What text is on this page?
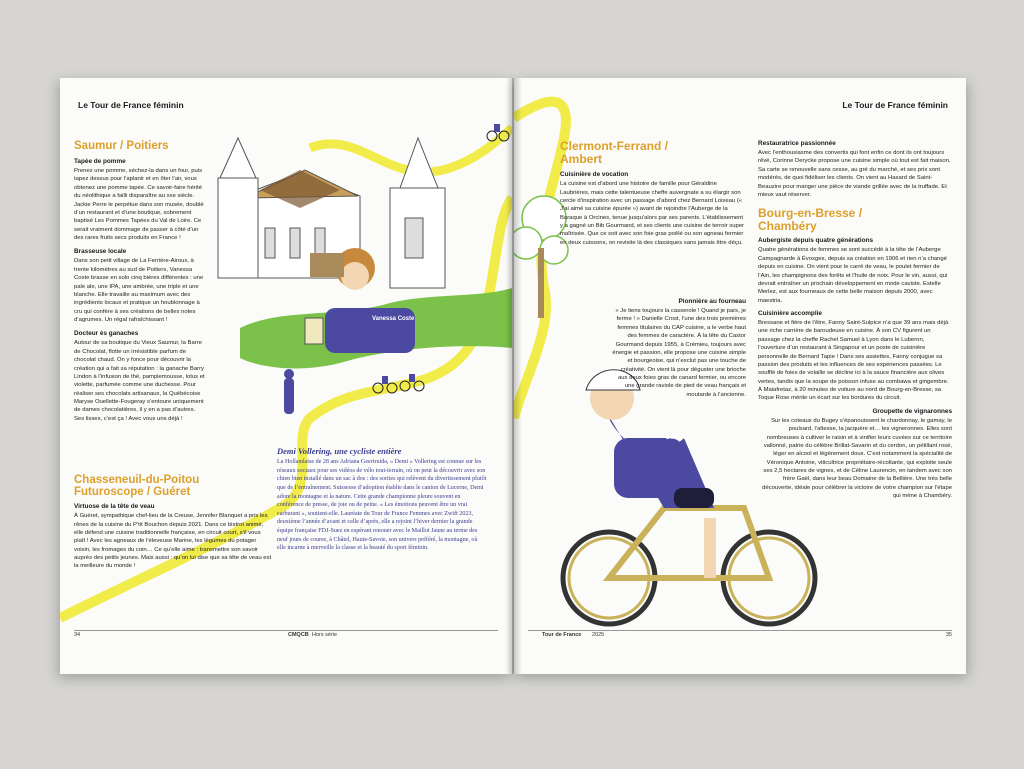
Le Tour de France féminin
Saumur / Poitiers

Tapée de pomme

Prenez une pomme, séchez-la dans un four, puis tapez dessus pour l’aplanir et en ôter l’air, vous obtenez une pomme tapée. Ce savoir-faire hérité du néolithique a failli disparaître au xxe siècle. Jackie Perre le perpétue dans son musée, doublé d’un restaurant et d’une boutique, sobrement baptisé Les Pommes Tapées du Val de Loire. Ce serait vraiment dommage de passer à côté d’un des rares fruits secs produits en France !

Brasseuse locale

Dans son petit village de La Ferrière-Airoux, à trente kilomètres au sud de Poitiers, Vanessa Coste brasse en solo cinq bières différentes : une pale ale, une IPA, une ambrée, une triple et une blanche. Elle travaille au maximum avec des ingrédients locaux et pratique un houblonnage à cru qui confère à ses créations de belles notes d’agrumes. Un régal rafraîchissant !

Docteur ès ganaches

Autour de sa boutique du Vieux Saumur, la Barre de Chocolat, flotte un irrésistible parfum de chocolat chaud. On y fonce pour découvrir la création qui a fait sa réputation : la ganache Barry Lindon à l’infusion de thé, pamplemousse, lotus et violette, parfumée comme une duchesse. Pour réaliser ses chocolats artisanaux, la Québécoise Maryse Ouellette-Fougeray s’entoure uniquement de dames chocolatières, il y en a pas d’autres. Ses lisses, c’est ça ! Avec vous uns déjà !

Chasseneuil-du-Poitou
Futuroscope / Guéret

Virtuose de la tête de veau

À Guéret, sympathique chef-lieu de la Creuse, Jennifer Blanquet a pris les rênes de la cuisine du P’tit Bouchon depuis 2021. Dans ce bistrot animé, elle défend une cuisine traditionnelle française, en circuit court, s’il vous plaît ! Avec les agneaux de l’éleveuse Marine, les légumes du potager voisin, les fromages du coin… Ce qu’elle aime : transmettre son savoir auprès des petits jeunes. Mais aussi : qu’on lui dise que sa tête de veau est la meilleure du monde !

Demi Vollering, une cycliste entière

La Hollandaise de 28 ans Adriana Geertruida, « Demi » Vollering est connue sur les réseaux sociaux pour ses vidéos de vélo tout-terrain, où on peut la découvrir avec son chien bien installé dans un sac à dos : des sorties qui relèvent du divertissement plutôt que de l’entraînement. Suissesse d’adoption établie dans le canton de Lucerne, Demi adore la montagne et la nature. Cette grande championne pleure souvent en conférence de presse, de joie ou de peine. « Les émotions peuvent être un vrai carburant », soutient-elle. Lauréate du Tour de France Femmes avec Zwift 2023, deuxième l’année d’avant et celle d’après, elle a rejoint l’hiver dernier la grande équipe française FDJ-Suez en espérant renouer avec le Maillot Jaune au terme des neuf jours de course, à Châtel, Haute-Savoie, son univers préféré, la montagne, où elle incarne à merveille la classe et la beauté du sport féminin.

Vanessa Coste
34	CMQCB Hors série
Le Tour de France féminin
Clermont-Ferrand /
Ambert

Cuisinière de vocation

La cuisine est d’abord une histoire de famille pour Géraldine Laubrières, mais cette talentueuse cheffe auvergnate a su élargir son cercle d’inspiration avec un passage d’abord chez Bernard Loiseau (« J’ai aimé sa cuisine épurée ») avant de rejoindre l’Auberge de la Baraque à Orcines, tenue jusqu’alors par ses parents. L’établissement y a gagné un Bib Gourmand, et ses clients une cuisine de terroir super maîtrisée. Que ce soit avec son foie gras poêlé ou son agneau fermier en deux cuissons, on revisite là des classiques sans jamais être déçu.

Pionnière au fourneau

« Je tiens toujours la casserole ! Quand je pars, je ferme ! » Danielle Crost, l’une des trois premières femmes titulaires du CAP cuisine, a le verbe haut des femmes de caractère. À la tête du Castor Gourmand depuis 1955, à Crémieu, toujours avec énergie et passion, elle propose une cuisine simple et bourgeoise, qui n’exclut pas une touche de créativité. On vient là pour déguster une brioche aux deux foies gras de canard fermier, ou encore une grande raviole de pied de veau français et moutarde à l’ancienne.

Restauratrice passionnée

Avec l’enthousiasme des convertis qui font enfin ce dont ils ont toujours rêvé, Corinne Derycke propose une cuisine simple où tout est fait maison. Sa carte se renouvelle sans cesse, au gré du marché, et ses prix sont modérés, de quoi fidéliser les clients. On vient au Hasard de Saint-Beauzire pour manger une pièce de viande grillée avec de la truffade. Et mieux vaut réserver.

Bourg-en-Bresse /
Chambéry

Aubergiste depuis quatre générations

Quatre générations de femmes se sont succédé à la tête de l’Auberge Campagnarde à Évosges, depuis sa création en 1906 et rien n’a changé depuis en cuisine. On vient pour le carré de veau, le poulet fermier de l’Ain, les champignons des forêts et l’huile de noix. Pour le vin, aussi, qui devrait entraîner un prochain développement en mode caviste. Estelle Merlez, est aux fourneaux de cette belle maison depuis 2000, avec maestria.

Cuisinière accomplie

Bressane et fière de l’être, Fanny Saint-Sulpice n’a que 39 ans mais déjà une riche carrière de baroudeuse en cuisine. À son CV figurent un passage chez la cheffe Rachel Samuel à Lyon dans le Luberon, l’ouverture d’un restaurant à Singapour et un poste de cuisinière personnelle de Bernard Tapie ! Dans ses assiettes, Fanny conjugue sa passion des produits et les influences de ses expériences passées. Le soufflé de foies de volaille se décline ici à la sauce financière aux olives vertes, tandis que la soupe de poisson infuse au combawa et gingembre. À Maiafretaz, à 20 minutes de voiture au nord de Bourg-en-Bresse, sa Toque Rose mérite un écart sur les bordures du circuit.

Groupette de vignaronnes

Sur les coteaux du Bugey s’épanouissent le chardonnay, le gamay, le poulsard, l’altesse, la jacquère et… les vigneronnes. Elles sont nombreuses à cultiver le raisin et à vinifier leurs cuvées sur ce territoire vallonné, patrie du célèbre Brillat-Savarin et du cerdon, un pétillant rosé, léger en alcool et légèrement doux. C’est notamment la spécialité de Véronique Antoine, viticultrice propriétaire-récoltante, qui exploite seule ses 2,5 hectares de vignes, et de Céline Laurencin, en tandem avec son frère Gaël, dans leur beau Domaine de la Bellière. Une très belle découverte, idéale pour célébrer la victoire de votre champion sur l’étape qui mène à Chambéry.

Demi Vollering
Tour de France 2025	35
